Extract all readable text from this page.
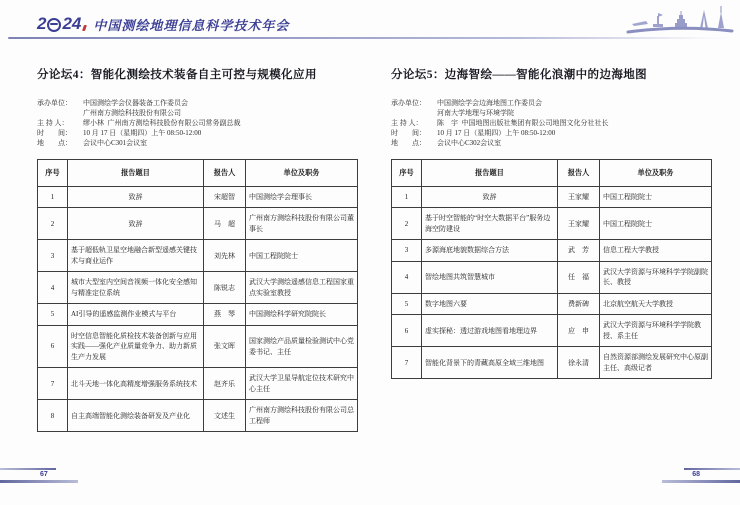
2 24 中国测绘地理信息科学技术年会
分论坛4：智能化测绘技术装备自主可控与规模化应用
承办单位：	中国测绘学会仪器装备工作委员会
广州南方测绘科技股份有限公司
主 持 人：	缪小林  广州南方测绘科技股份有限公司常务副总裁
时　　间：	10 月 17 日（星期四）上午 08:50-12:00
地　　点：	会议中心C301会议室
序号	报告题目	报告人	单位及职务
1	致辞	宋超智	中国测绘学会理事长
2	致辞	马　超	广州南方测绘科技股份有限公司董事长
3	基于超低轨卫星空地融合新型遥感关键技术与商业运作	刘先林	中国工程院院士
4	城市大型室内空间音视频一体化安全感知与精准定位系统	陈锐志	武汉大学测绘遥感信息工程国家重点实验室教授
5	AI引导的遥感监测作业模式与平台	燕　琴	中国测绘科学研究院院长
6	时空信息智能化质检技术装备创新与应用实践——强化产业质量竞争力、助力新质生产力发展	张文晖	国家测绘产品质量检验测试中心党委书记、主任
7	北斗天地一体化高精度增强服务系统技术	赵齐乐	武汉大学卫星导航定位技术研究中心主任
8	自主高端智能化测绘装备研发及产业化	文述生	广州南方测绘科技股份有限公司总工程师
分论坛5：边海智绘——智能化浪潮中的边海地图
承办单位：	中国测绘学会边海地图工作委员会
河南大学地理与环境学院
主 持 人：	陈　宇  中国地图出版社集团有限公司地图文化分社社长
时　　间：	10 月 17 日（星期四）上午 08:50-12:00
地　　点：	会议中心C302会议室
序号	报告题目	报告人	单位及职务
1	致辞	王家耀	中国工程院院士
2	基于时空智能的“时空大数据平台”服务边海空防建设	王家耀	中国工程院院士
3	多源海底地貌数据综合方法	武　芳	信息工程大学教授
4	智绘地图共筑智慧城市	任　福	武汉大学资源与环境科学学院副院长、教授
5	数字地图六要	费新碑	北京航空航天大学教授
6	虚实探秘：透过游戏地图看地理边界	应　申	武汉大学资源与环境科学学院教授、系主任
7	智能化背景下的青藏高原全域三维地图	徐永清	自然资源部测绘发展研究中心原副主任、高级记者
67	68
